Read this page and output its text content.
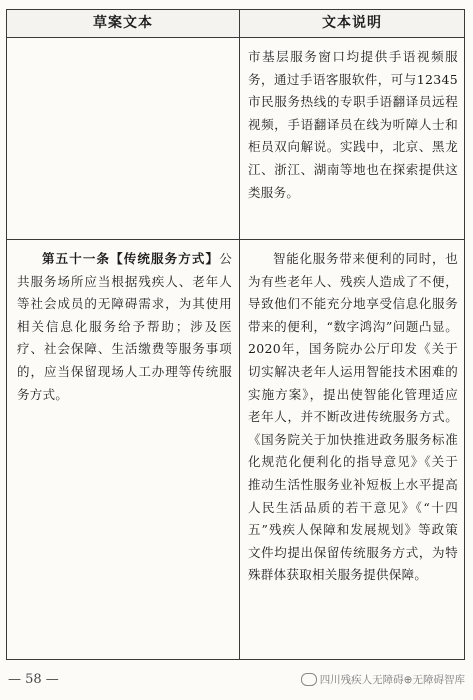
草案文本	文本说明
市基层服务窗口均提供手语视频服务，通过手语客服软件，可与12345市民服务热线的专职手语翻译员远程视频，手语翻译员在线为听障人士和柜员双向解说。实践中，北京、黑龙江、浙江、湖南等地也在探索提供这类服务。
第五十一条【传统服务方式】公共服务场所应当根据残疾人、老年人等社会成员的无障碍需求，为其使用相关信息化服务给予帮助；涉及医疗、社会保障、生活缴费等服务事项的，应当保留现场人工办理等传统服务方式。
智能化服务带来便利的同时，也为有些老年人、残疾人造成了不便，导致他们不能充分地享受信息化服务带来的便利，“数字鸿沟”问题凸显。2020年，国务院办公厅印发《关于切实解决老年人运用智能技术困难的实施方案》，提出使智能化管理适应老年人，并不断改进传统服务方式。《国务院关于加快推进政务服务标准化规范化便利化的指导意见》《关于推动生活性服务业补短板上水平提高人民生活品质的若干意见》《“十四五”残疾人保障和发展规划》等政策文件均提出保留传统服务方式，为特殊群体获取相关服务提供保障。
— 58 —	四川残疾人无障碍⊕无障碍智库
